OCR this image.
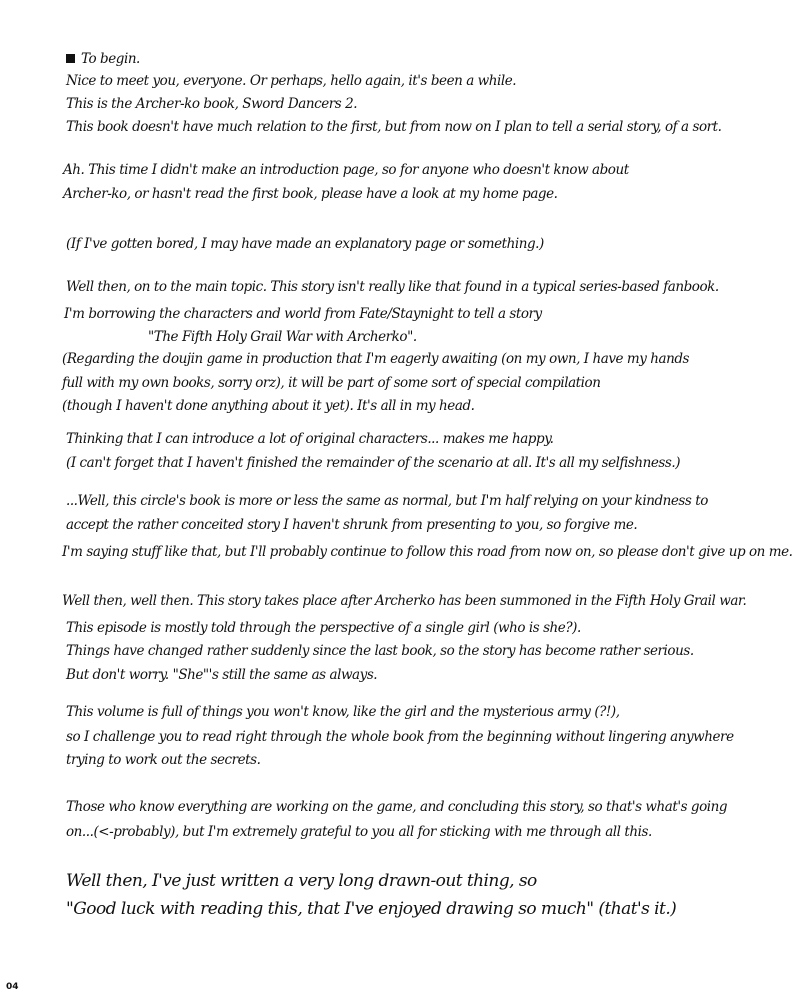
To begin.
Nice to meet you, everyone. Or perhaps, hello again, it's been a while.
This is the Archer-ko book, Sword Dancers 2.
This book doesn't have much relation to the first, but from now on I plan to tell a serial story, of a sort.
Ah. This time I didn't make an introduction page, so for anyone who doesn't know about
Archer-ko, or hasn't read the first book, please have a look at my home page.
(If I've gotten bored, I may have made an explanatory page or something.)
Well then, on to the main topic. This story isn't really like that found in a typical series-based fanbook.
I'm borrowing the characters and world from Fate/Staynight to tell a story
"The Fifth Holy Grail War with Archerko".
(Regarding the doujin game in production that I'm eagerly awaiting (on my own, I have my hands
full with my own books, sorry orz), it will be part of some sort of special compilation
(though I haven't done anything about it yet). It's all in my head.
Thinking that I can introduce a lot of original characters... makes me happy.
(I can't forget that I haven't finished the remainder of the scenario at all. It's all my selfishness.)
...Well, this circle's book is more or less the same as normal, but I'm half relying on your kindness to
accept the rather conceited story I haven't shrunk from presenting to you, so forgive me.
I'm saying stuff like that, but I'll probably continue to follow this road from now on, so please don't give up on me.
Well then, well then. This story takes place after Archerko has been summoned in the Fifth Holy Grail war.
This episode is mostly told through the perspective of a single girl (who is she?).
Things have changed rather suddenly since the last book, so the story has become rather serious.
But don't worry. "She"'s still the same as always.
This volume is full of things you won't know, like the girl and the mysterious army (?!),
so I challenge you to read right through the whole book from the beginning without lingering anywhere
trying to work out the secrets.
Those who know everything are working on the game, and concluding this story, so that's what's going
on...(<-probably), but I'm extremely grateful to you all for sticking with me through all this.
Well then, I've just written a very long drawn-out thing, so
"Good luck with reading this, that I've enjoyed drawing so much" (that's it.)
04
